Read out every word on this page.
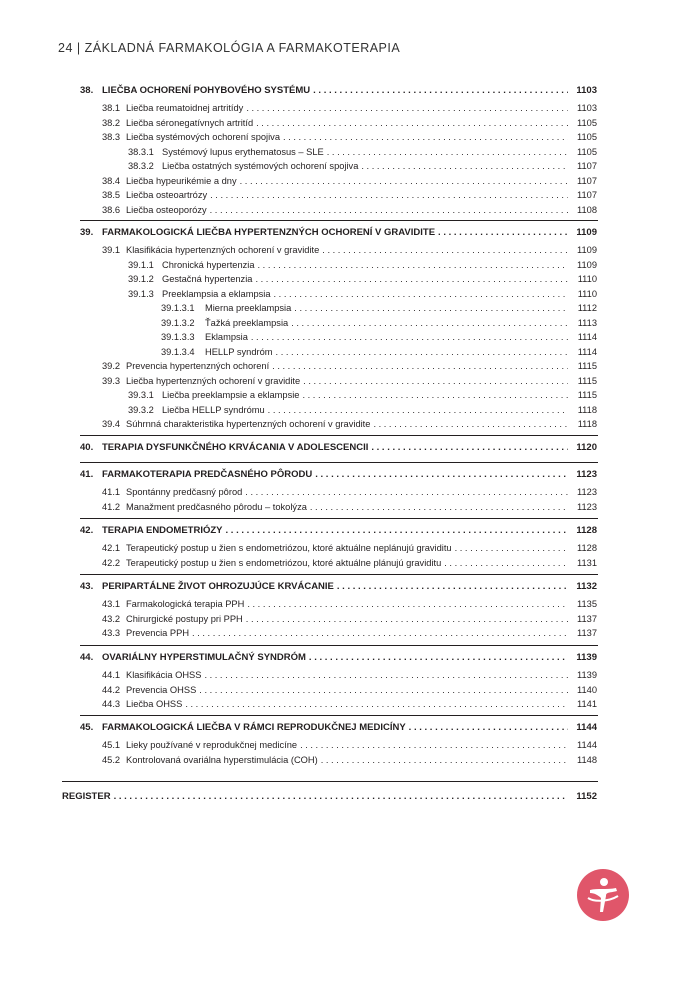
24 | ZÁKLADNÁ FARMAKOLÓGIA A FARMAKOTERAPIA
38. LIEČBA OCHORENÍ POHYBOVÉHO SYSTÉMU . . .	1103
38.1 Liečba reumatoidnej artritídy . . .	1103
38.2 Liečba séronegatívnych artritíd . . .	1105
38.3 Liečba systémových ochorení spojiva . . .	1105
38.3.1 Systémový lupus erythematosus – SLE . . .	1105
38.3.2 Liečba ostatných systémových ochorení spojiva . . .	1107
38.4 Liečba hypeurikémie a dny . . .	1107
38.5 Liečba osteoartrózy . . .	1107
38.6 Liečba osteoporózy . . .	1108
39. FARMAKOLOGICKÁ LIEČBA HYPERTENZNÝCH OCHORENÍ V GRAVIDITE . . .	1109
39.1 Klasifikácia hypertenzných ochorení v gravidite . . .	1109
39.1.1 Chronická hypertenzia . . .	1109
39.1.2 Gestačná hypertenzia . . .	1110
39.1.3 Preeklampsia a eklampsia . . .	1110
39.1.3.1	Mierna preeklampsia . . .	1112
39.1.3.2	Ťažká preeklampsia . . .	1113
39.1.3.3	Eklampsia . . .	1114
39.1.3.4	HELLP syndróm . . .	1114
39.2 Prevencia hypertenzných ochorení . . .	1115
39.3 Liečba hypertenzných ochorení v gravidite . . .	1115
39.3.1 Liečba preeklampsie a eklampsie . . .	1115
39.3.2 Liečba HELLP syndrómu . . .	1118
39.4 Súhrnná charakteristika hypertenzných ochorení v gravidite . . .	1118
40. TERAPIA DYSFUNKČNÉHO KRVÁCANIA V ADOLESCENCII . . .	1120
41. FARMAKOTERAPIA PREDČASNÉHO PÔRODU . . .	1123
41.1 Spontánny predčasný pôrod . . .	1123
41.2 Manažment predčasného pôrodu – tokolýza . . .	1123
42. TERAPIA ENDOMETRIÓZY . . .	1128
42.1 Terapeutický postup u žien s endometriózou, ktoré aktuálne neplánujú graviditu . . .	1128
42.2 Terapeutický postup u žien s endometriózou, ktoré aktuálne plánujú graviditu . . .	1131
43. PERIPARTÁLNE ŽIVOT OHROZUJÚCE KRVÁCANIE . . .	1132
43.1 Farmakologická terapia PPH . . .	1135
43.2 Chirurgické postupy pri PPH . . .	1137
43.3 Prevencia PPH . . .	1137
44. OVARIÁLNY HYPERSTIMULAČNÝ SYNDRÓM . . .	1139
44.1 Klasifikácia OHSS . . .	1139
44.2 Prevencia OHSS . . .	1140
44.3 Liečba OHSS . . .	1141
45. FARMAKOLOGICKÁ LIEČBA V RÁMCI REPRODUKČNEJ MEDICÍNY . . .	1144
45.1 Lieky používané v reprodukčnej medicíne . . .	1144
45.2 Kontrolovaná ovariálna hyperstimulácia (COH) . . .	1148
REGISTER . . .	1152
